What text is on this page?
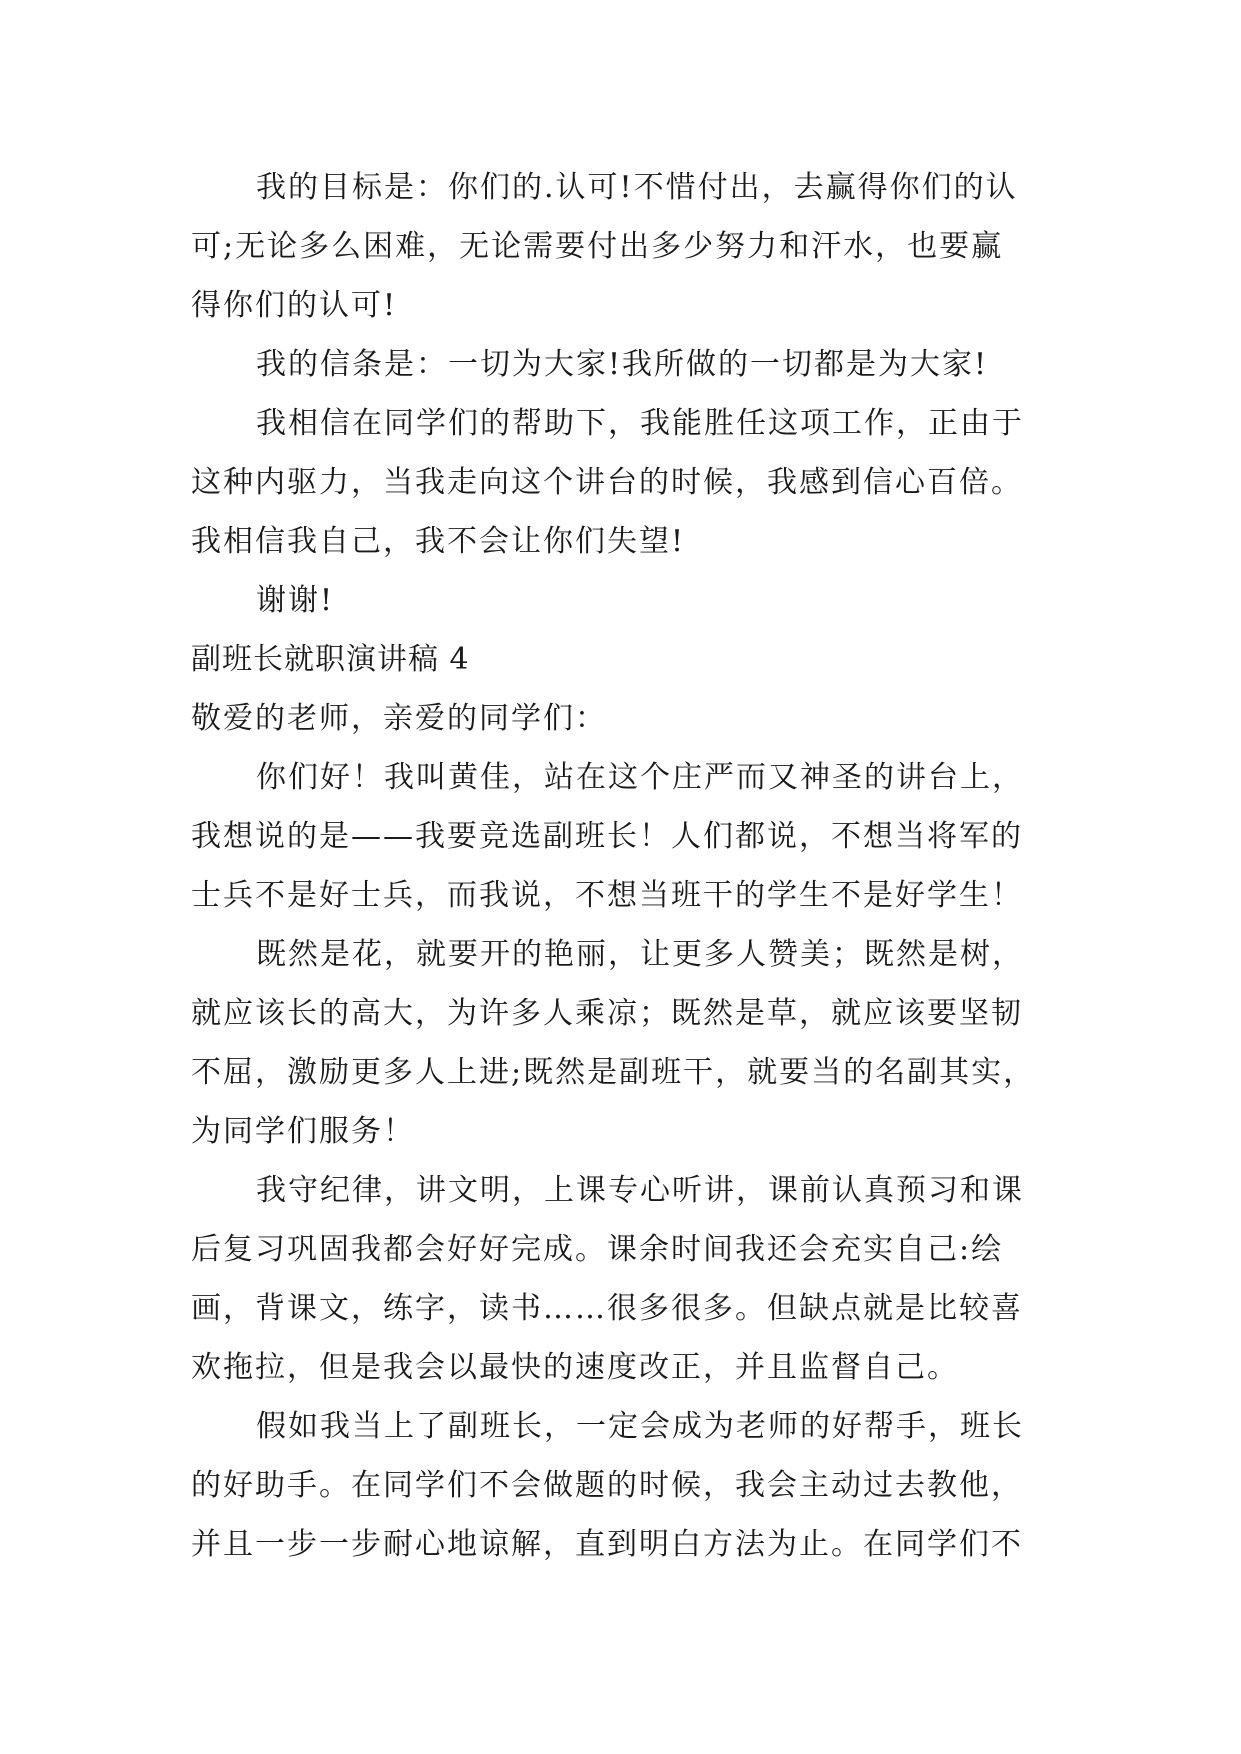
我的目标是：你们的.认可!不惜付出，去赢得你们的认
可;无论多么困难，无论需要付出多少努力和汗水，也要赢
得你们的认可!
我的信条是：一切为大家!我所做的一切都是为大家!
我相信在同学们的帮助下，我能胜任这项工作，正由于
这种内驱力，当我走向这个讲台的时候，我感到信心百倍。
我相信我自己，我不会让你们失望!
谢谢!
副班长就职演讲稿 4
敬爱的老师，亲爱的同学们：
你们好！我叫黄佳，站在这个庄严而又神圣的讲台上，
我想说的是——我要竞选副班长！人们都说，不想当将军的
士兵不是好士兵，而我说，不想当班干的学生不是好学生！
既然是花，就要开的艳丽，让更多人赞美；既然是树，
就应该长的高大，为许多人乘凉；既然是草，就应该要坚韧
不屈，激励更多人上进;既然是副班干，就要当的名副其实，
为同学们服务！
我守纪律，讲文明，上课专心听讲，课前认真预习和课
后复习巩固我都会好好完成。课余时间我还会充实自己:绘
画，背课文，练字，读书……很多很多。但缺点就是比较喜
欢拖拉，但是我会以最快的速度改正，并且监督自己。
假如我当上了副班长，一定会成为老师的好帮手，班长
的好助手。在同学们不会做题的时候，我会主动过去教他，
并且一步一步耐心地谅解，直到明白方法为止。在同学们不
